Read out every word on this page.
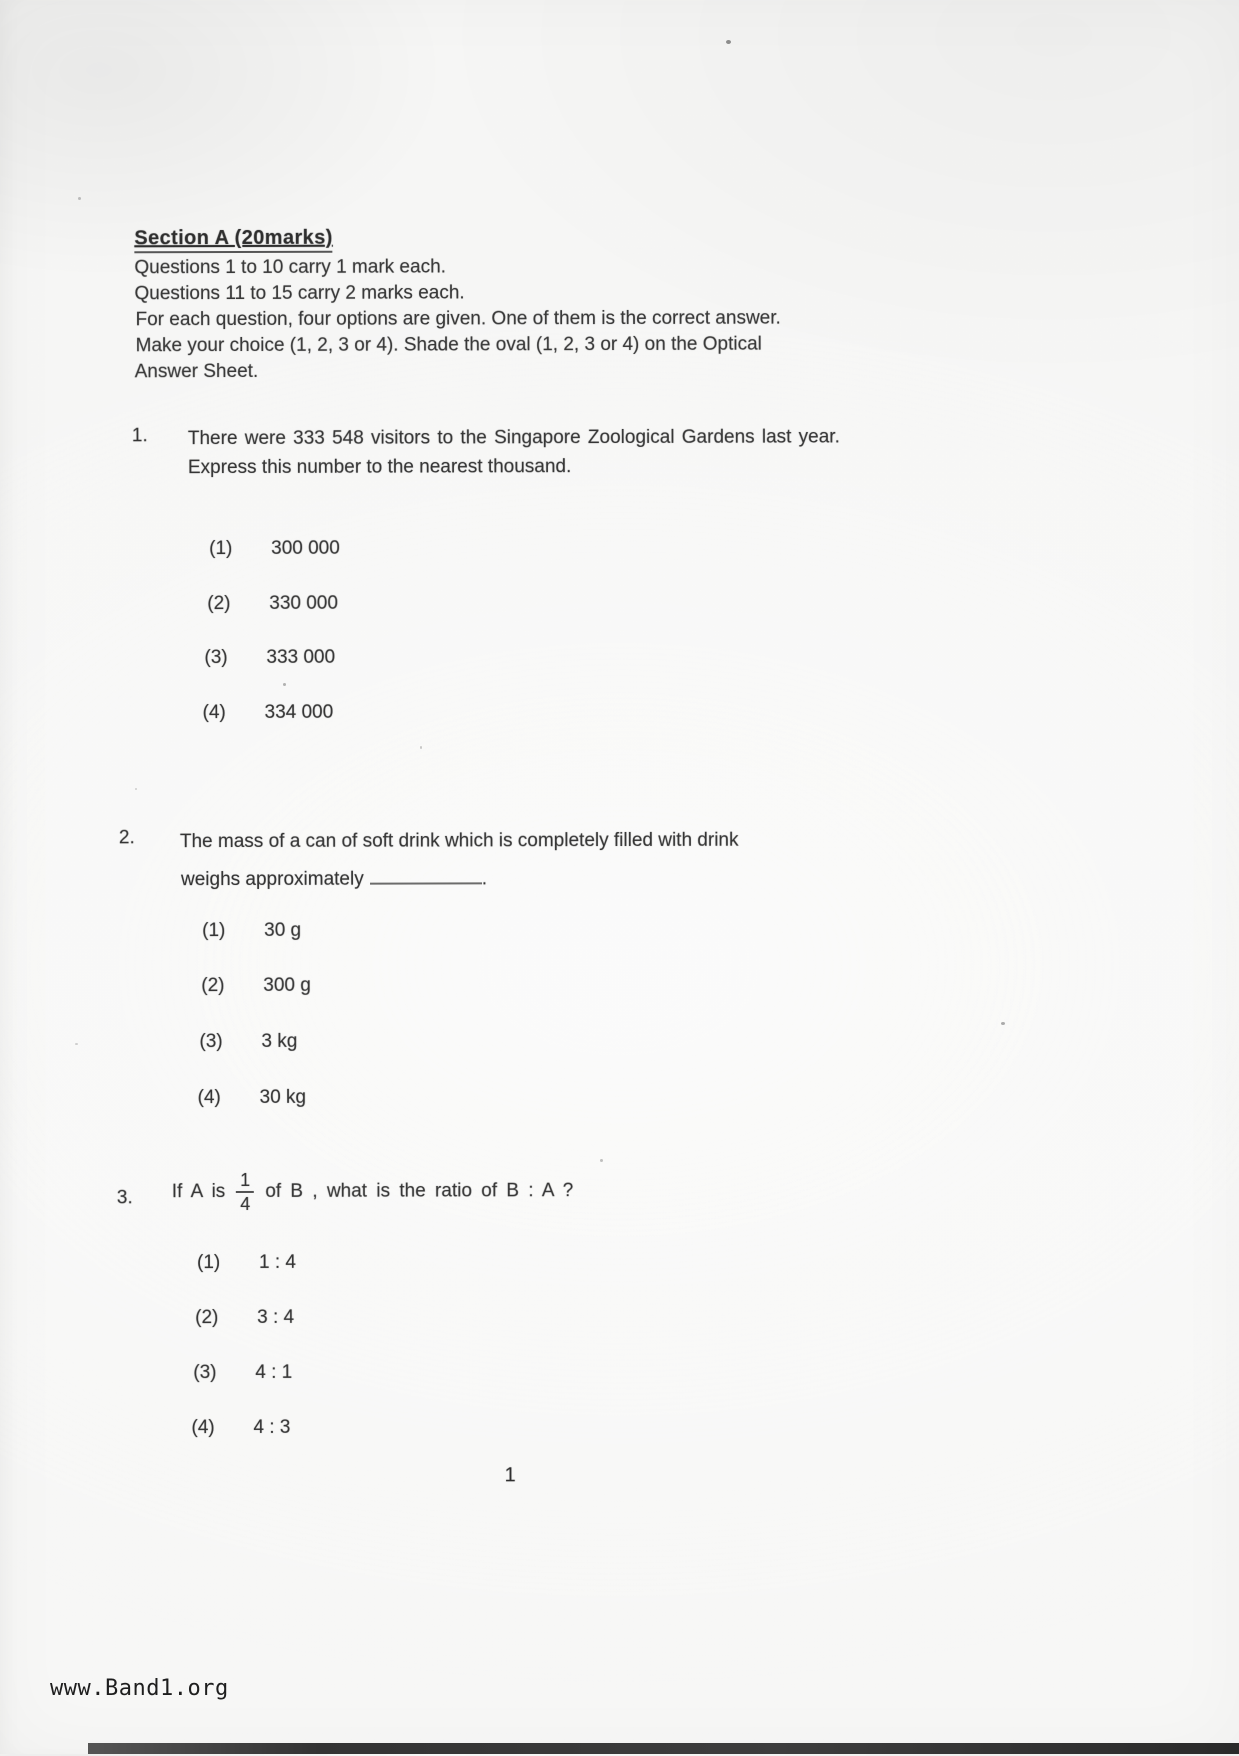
Section A (20marks)
Questions 1 to 10 carry 1 mark each.
Questions 11 to 15 carry 2 marks each.
For each question, four options are given. One of them is the correct answer.
Make your choice (1, 2, 3 or 4). Shade the oval (1, 2, 3 or 4) on the Optical
Answer Sheet.
1. There were 333 548 visitors to the Singapore Zoological Gardens last year. Express this number to the nearest thousand.
(1) 300 000
(2) 330 000
(3) 333 000
(4) 334 000
2. The mass of a can of soft drink which is completely filled with drink
weighs approximately	.
(1) 30 g
(2) 300 g
(3) 3 kg
(4) 30 kg
3. If A is $\frac{1}{4}$ of B , what is the ratio of B : A ?
(1) 1 : 4
(2) 3 : 4
(3) 4 : 1
(4) 4 : 3
1
www.Band1.org
